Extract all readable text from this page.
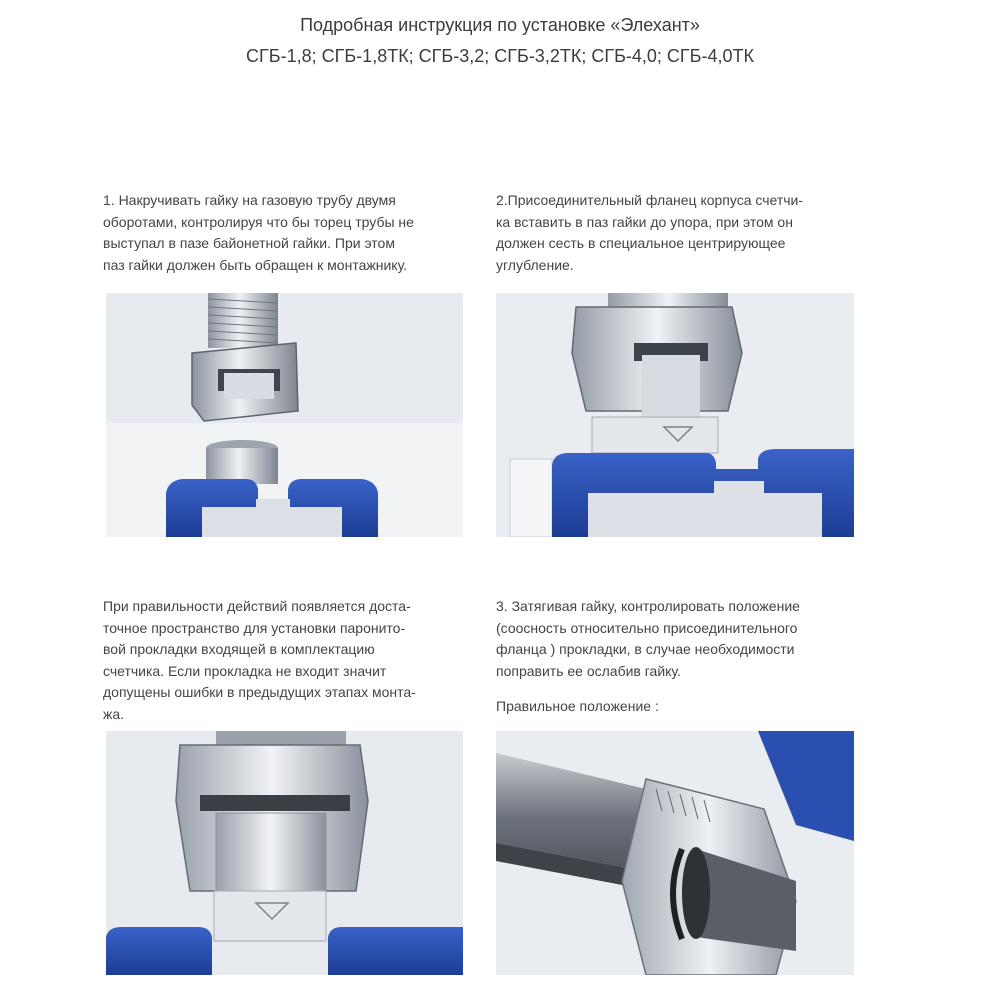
Подробная инструкция по установке «Элехант»
СГБ-1,8; СГБ-1,8ТК; СГБ-3,2; СГБ-3,2ТК; СГБ-4,0; СГБ-4,0ТК
1. Накручивать гайку на газовую трубу двумя
оборотами, контролируя что бы торец трубы не
выступал в пазе байонетной гайки. При этом
паз гайки должен быть обращен к монтажнику.
2.Присоединительный фланец корпуса счетчи-
ка вставить в паз гайки до упора, при этом он
должен сесть в специальное центрирующее
углубление.
При правильности действий появляется доста-
точное пространство для установки паронито-
вой прокладки входящей в комплектацию
счетчика. Если прокладка не входит значит
допущены ошибки в предыдущих этапах монта-
жа.
3. Затягивая гайку, контролировать положение
(соосность относительно присоединительного
фланца ) прокладки, в случае необходимости
поправить ее ослабив гайку.
Правильное положение :
